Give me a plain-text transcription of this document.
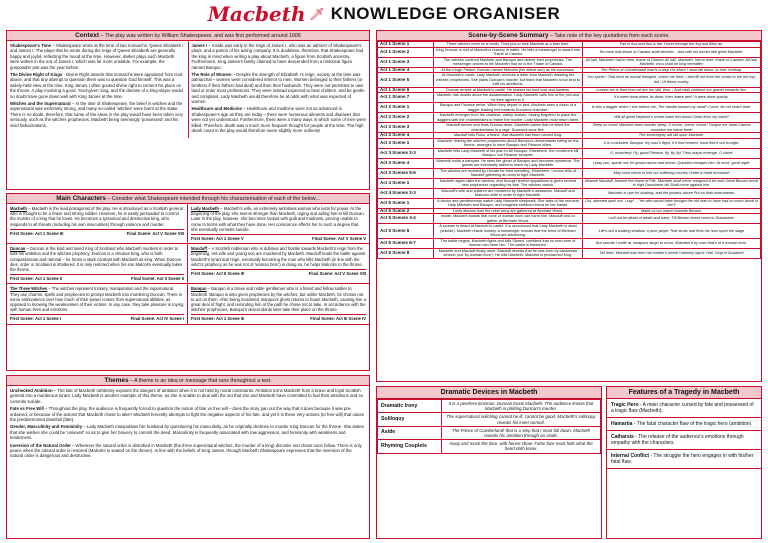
Macbeth 🗡 KNOWLEDGE ORGANISER
Context – The play was written by William Shakespeare, and was first performed around 1606
Shakespeare's Time – Shakespeare wrote at the time of two monarchs: Queen Elizabeth I and James I. The plays that he wrote during the reign of Queen Elizabeth are generally happy and joyful, reflecting the mood at the time. However, darker plays such Macbeth were written in the era of James I, which was far more unstable. For example, the gunpowder plot was the year before.
The Divine Right of Kings - Divine Right asserts that monarchs were appointed from God above, and that any attempt to question them was to question God himself. This was a widely-held view at the time. King James I often quoted divine right to cement his place on the throne. A play involving a good, 'God-given' king, and the demise of a king-slayer would no doubt have gone down well with King James at the time.
Witches and the Supernatural – At the time of Shakespeare, the belief in witches and the supernatural was extremely strong, and many so-called 'witches' were burnt at the stake. There is no doubt, therefore, that some of the ideas in the play would have been taken very seriously, such as the witches prophecies, Macbeth being seemingly 'possessed' and his vivid hallucinations.
James I – Inside was early in the reign of James I, who was an admirer of Shakespeare's plays, and a patron of his acting company. It is doubtless, therefore, that Shakespeare had the king in mind when writing a play about Macbeth, a figure from Scottish ancestry. Furthermore, King James's family claimed to have descended from a historical figure named Banquo.
The Role of Women – Despite the strength of Elizabeth I's reign, society at the time was patriarchal – women were considered inferior to men. Women belonged to their fathers (or brothers if their fathers had died) and then their husbands. They were not permitted to own land or enter most professions. They were instead expected to bear children, and be gentle and compliant. Lady Macbeth would therefore be at odds with what was expected of women.
Healthcare and Medicine – Healthcare and medicine were not as advanced in Shakespeare's age as they are today – there were numerous ailments and diseases that were not yet understood. Furthermore, there were a many ways in which some of men were killed. Therefore, death was a much more frequent thought for people at the time. The high death count in the play would therefore seem slightly more ordinary!
Main Characters – Consider what Shakespeare intended through his characterisation of each of the below...
Macbeth – Macbeth is the lead protagonist of the play. He is introduced as a Scottish general who is thought to be a brave and strong soldier. However, he is easily persuaded to commit the murder of a king that he loves. He becomes a tyrannical and destructive king, who responds to all threats (including his own insecurities) through violence and murder.
First Scene: Act 1 Scene III	Final Scene: Act V Scene VIII
Lady Macbeth – Macbeth's wife, an extremely ambitious woman who lusts for power. At the beginning of the play, she seems stronger than Macbeth, urging and aiding him to kill Duncan. Later in the play, however, she becomes racked with guilt and madness, proving unable to come to terms with what they have done. Her conscience affects her to such a degree that she eventually commits suicide.
First Scene: Act 1 Scene V	Final Scene: Act V Scene V
Duncan – Duncan is the kind and loved King of Scotland who Macbeth murders in order to fulfil his ambition and the witches prophecy. Duncan is a virtuous King, who is both compassionate and rational – he forms a stark contrast with Macbeth as king. When Duncan dies, order in Scotland is shattered. It is only restored when his son Malcolm eventually takes the throne.
First Scene: Act 1 Scene II	Final Scene: Act II Scene II
Macduff – A Scottish nobleman who is dubious and hostile towards Macbeth's reign from the beginning. His wife and young son are murdered by Macbeth. Macduff leads the battle against Macbeth's tyrannical reign, eventually becoming the man who kills Macbeth (in line with the witch's prophecy as he was not of 'woman born') in doing so, he helps Malcolm to the throne.
First Scene: Act II Scene III	Final Scene: Act V Scene VIII
The Three Witches – The witches represent trickery, manipulation and the supernatural. They use charms, spells and prophecies to prompt Macbeth into murdering Duncan. There is some ambivalence over how much of their power comes from supernatural abilities, as opposed to knowing the weaknesses of their victims. In any case, they take pleasure in toying with human lives and emotions.
First Scene: Act 1 Scene I	Final Scene: Act IV Scene I
Banquo – Banquo is a brave and noble gentleman who is a friend and fellow soldier to Macbeth. Banquo is also given prophecies by the witches, but unlike Macbeth, he choses not to act on them. After being murdered, Banquo's ghost returns to haunt Macbeth, causing him a great deal of fright, and reminding him of the path he chose not to take. In accordance with the witches' prophecies, Banquo's descendants later take their place on the throne.
First Scene: Act 1 Scene III	Final Scene: Act III Scene IV
Themes – A theme is an idea or message that runs throughout a text.
Unchecked Ambition – The tale of Macbeth ruthlessly exposes the dangers of ambition when it is not held by moral constraints. Ambition turns Macbeth from a brave and loyal Scottish general into a murderous tyrant. Lady Macbeth is another example of this theme, as she is unable to deal with the act that she and Macbeth have committed to fuel their ambitions and so commits suicide.
Fate vs Free Will – Throughout the play, the audience is frequently forced to question the notion of fate vs free will – does the story pan out the way that it does because it was pre-ordained, or because of the actions that Macbeth chose to take? Macbeth fervently attempts to fight the negative aspects of his fate, and yet it is these very actions (to free will) that cause the predetermined downfall (fate).
Gender, Masculinity and Femininity – Lady Macbeth manipulates her husband by questioning his masculinity, as he originally declines to murder King Duncan for the throne. She states that she wishes she could be 'unsexed' so as to give her bravery to commit the deed. Masculinity is frequently associated with raw aggression, and femininity with weakness and tenderness.
Inversion of the Natural Order – Wherever the natural order is disturbed in Macbeth (the three supernatural witches, the murder of a king) disorder and chaos soon follow. There is only peace when the natural order is restored (Malcolm is seated on the throne). In line with the beliefs of King James, through Macbeth Shakespeare expresses that the inversion of the natural order is dangerous and destructive.
Scene-by-Scene Summary – Take note of the key quotations from each scene.
Act 1 Scene 1	Three witches meet on a heath. They plot to trick Macbeth at a later time.	Fair is foul and foul is fair. Hover through the fog and filthy air.
Act 1 Scene 2	King Duncan is told of Macbeth's bravery in battle. He tells a messenger to award him Thane of Cawdor.	No more that thane of Cawdor shall deceive... And with his former title greet Macbeth.
Act 1 Scene 3	The witches confront Macbeth and Banquo and deliver their prophecies. The messenger arrives to tell Macbeth that he is the Thane of Cawdor.	All hail, Macbeth! hail to thee, thane of Glamis! All hail, Macbeth, hail to thee, thane of Cawdor! All hail, Macbeth, thou shalt be king hereafter!
Act 1 Scene 4	At the Kings' Palace, Duncan names Malcolm (his eldest son) as his successor.	The Prince of Cumberland! that is a step On which I must fall down, or else o'erleap.
Act 1 Scene 5	At Macbeth's castle, Lady Macbeth receives a letter from Macbeth detailing the witches' prophecies. She plans Duncan's murder, but fears that Macbeth is too kind to fulfil his ambitions.	You spirits / That tend on mortal thoughts, unsex me here, / And fill me from the crown to the toe top-full / Of direst cruelty.
Act 1 Scene 6	Duncan arrives at Macbeth's castle. He praises his kind host and hostess.	Lonnox we to thee how we are too still, thou, / And shall continue our graces towards him.
Act 1 Scene 7	Macbeth has doubts about the assassination. Lady Macbeth calls him of the plot and he then agrees to it.	If it were done when 'tis done, then 'twere well / It were done quickly.
Act 2 Scene 1	Banquo and Fleance arrive. When they depart to bed, Macbeth sees a vision of a dagger leading him towards Duncan's chamber.	Is this a dagger which I see before me, The handle toward my hand? Come, let me clutch thee.
Act 2 Scene 2	Macbeth emerges from the chamber, visibly shaken, having forgotten to place the daggers with the chamberlains to frame the murder. Lady Macbeth must return them.	Will all great Neptune's ocean wash this blood Clean from my hand?
Act 2 Scene 3	Macduff arrives and finds Duncan dead. Macbeth claims that he killed the chamberlains in a rage. Duncan's sons flee.	Sleep no more! Macbeth does murder sleep. O horror, horror, horror! Tongue nor heart Cannot conceive nor name thee!
Act 2 Scene 4	Macduff tells Ross, a thane, that Macbeth has been named king.	The sovereignty will fall upon Macbeth.
Act 3 Scene 1	Macbeth, fearing the witches' prophecies about Banquo's descendants sitting on the throne, arranges to have Banquo and Fleance killed.	It is concluded. Banquo, thy soul's flight, If it find heaven, must find it out to-night.
Act 3 Scenes 2-3	Macbeth tells Lady Macbeth of his plan to kill Banquo. Elsewhere, the murderers kill Banquo, but Fleance escapes.	O, treachery! Fly, good Fleance, fly, fly, fly! Thou mayst revenge. O slave!
Act 3 Scene 4	Macbeth holds a banquet. He sees the ghost of Banquo and becomes hysterical. The guests are eventually asked to leave by Lady Macbeth.	I pray you, speak not; he grows worse and worse; Question enrages him. At once, good night.
Act 3 Scenes 5-6	The witches are scolded by Hecate for their meddling. Elsewhere, Lennox tells of Macduff gathering an army to fight Macbeth.	May soon return to this our suffering country Under a hand accursed!
Act 4 Scene 1	Macbeth again visits the witches, and through terrible apparitions is given several new prophecies regarding his fate. The witches vanish.	Beware Macduff; beware the thane of Fife. Macbeth shall never vanquish'd be until Great Birnam wood to high Dunsinane hill Shall come against him.
Act 4 Scenes 2-3	Macduff's wife and children are murdered by Macbeth's assassins. Macduff and Malcolm unite in order to fight Macbeth.	Macbeth is ripe for shaking, and the powers above Put on their instruments.
Act 5 Scene 1	A doctor and gentlewoman watch Lady Macbeth sleepwalk. She talks of the murders Lady Macbeth and Banquo, and imagines stubborn blood on her hands.	Out, damned spot! out, I say! ... Yet who would have thought the old man to have had so much blood in him?
Act 5 Scene 2	Lords discuss how the rebel army are gathered at Birnham Wood.	Make us our march towards Birnam.
Act 5 Scenes 3-4	Inside, Macbeth boasts that none of woman born can harm him. Macduff and co gather at Birnham Wood.	I will not be afraid of death and bane, Till Birnam forest come to Dunsinane.
Act 5 Scene 5	A scream is heard at Macbeth's castle. It is announced that Lady Macbeth is dead (suicide). Macbeth reacts numbly. A messenger reveals that the trees of Birnham Wood are advancing.	Life's but a walking shadow, a poor player That struts and frets his hour upon the stage
Act 5 Scenes 6-7	The battle begins. Macbeth fights and kills Siward, confident that no man born of woman can harm him. The castle is breached.	But swords I smile at, weapons laugh to scorn, Brandish'd by man that's of a woman born.
Act 5 Scene 8	Macbeth and Macduff finally meet. Macduff reveals that he was born by caesarean section (not 'by woman born'). He kills Macbeth. Malcolm is proclaimed King.	Tell thee, Macduff was from his mother's womb Untimely ripp'd. Hail, King of Scotland!
Dramatic Devices in Macbeth
Dramatic Irony	It is a peerless kinsman. Duncan trusts Macbeth. The audience knows that Macbeth is plotting Duncan's murder.
Soliloquy	The supernatural soliciting cannot be ill, cannot be good. Macbeth's soliloquy reveals his inner turmoil.
Aside	The Prince of Cumberland! that is a step that I must fall down. Macbeth reveals his ambition through an aside.
Rhyming Couplets	Away and mock the time, with fairest show: False face must hide what the heart doth know.
Features of a Tragedy in Macbeth
Tragic Hero - A main character cursed by fate and possessed of a tragic flaw (Macbeth).
Hamartia - The fatal character flaw of the tragic hero (ambition).
Catharsis - The release of the audience's emotions through empathy with the characters.
Internal Conflict - The struggle the hero engages in with his/her fatal flaw.
